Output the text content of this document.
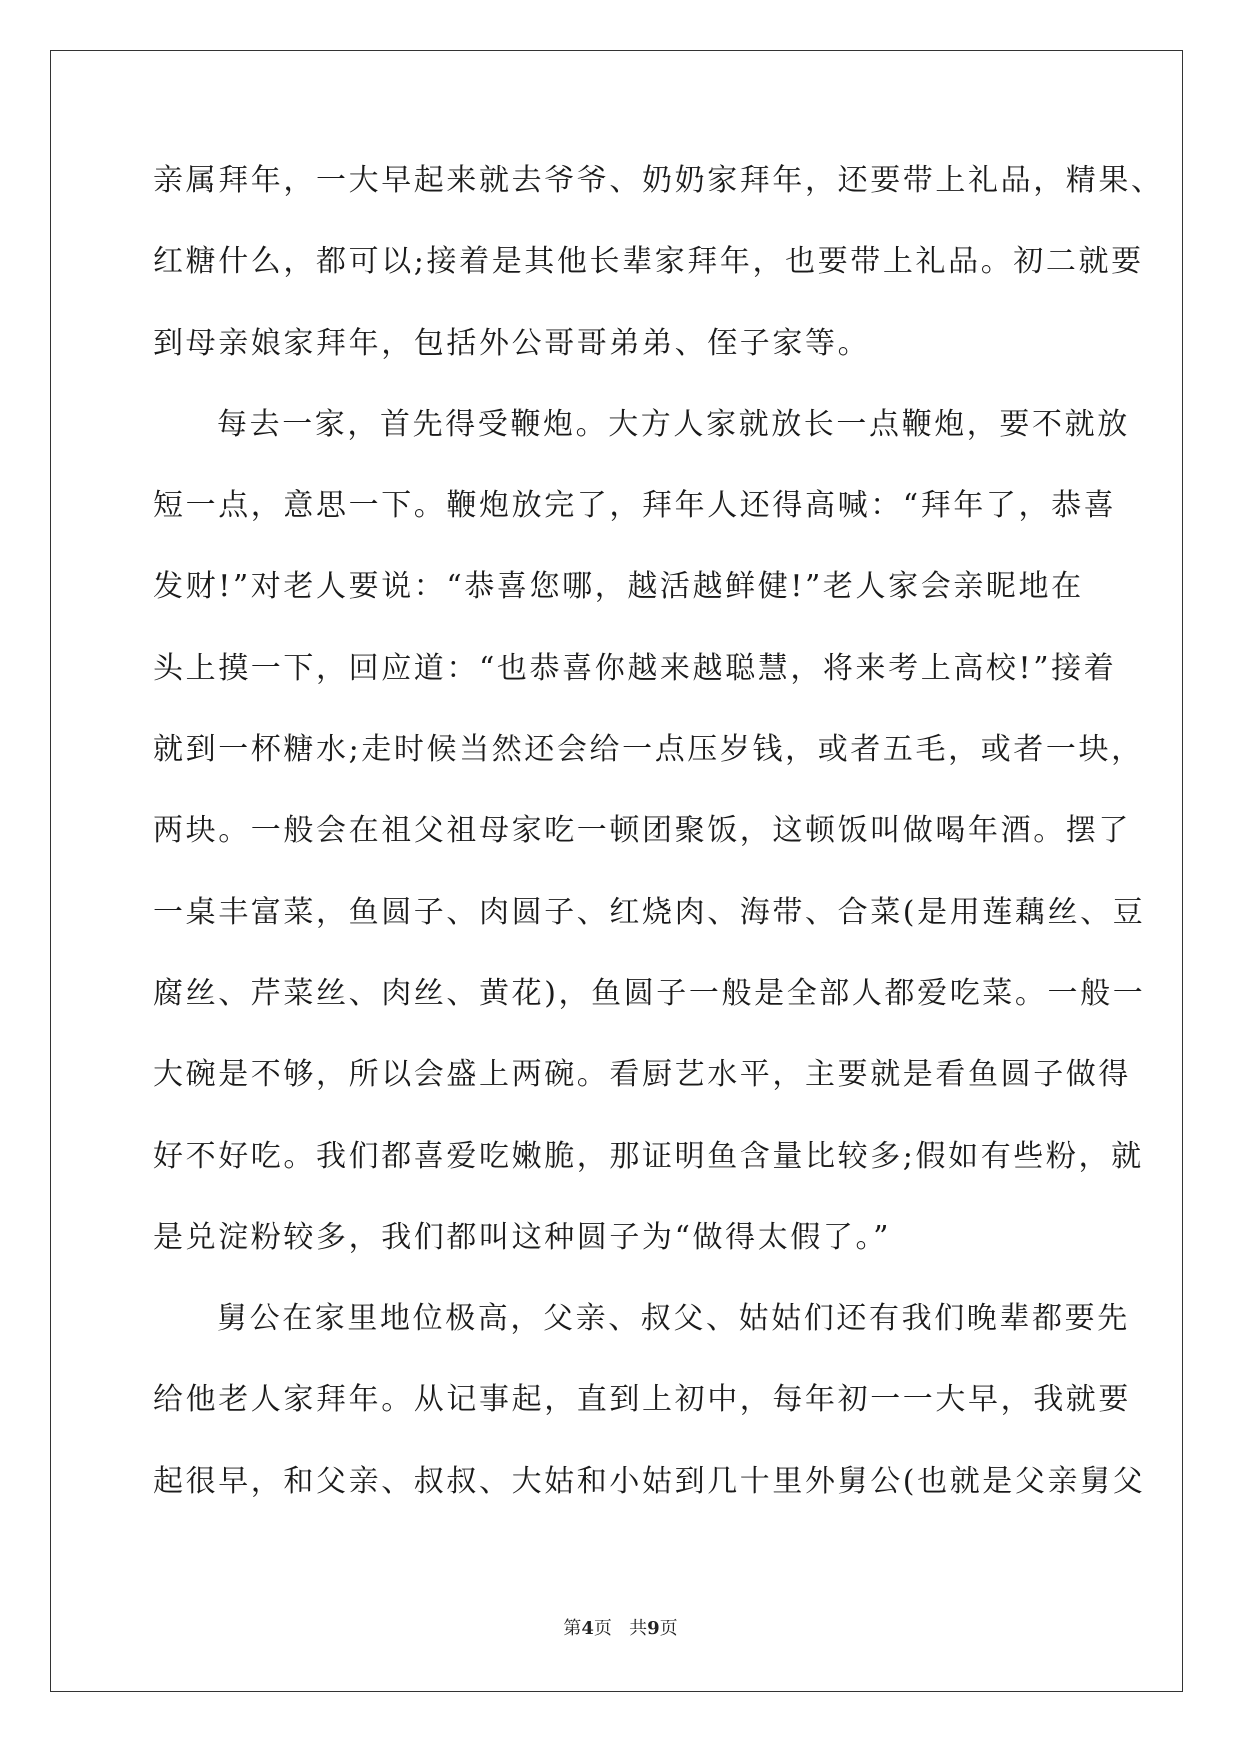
亲属拜年，一大早起来就去爷爷、奶奶家拜年，还要带上礼品，精果、
红糖什么，都可以;接着是其他长辈家拜年，也要带上礼品。初二就要
到母亲娘家拜年，包括外公哥哥弟弟、侄子家等。
每去一家，首先得受鞭炮。大方人家就放长一点鞭炮，要不就放
短一点，意思一下。鞭炮放完了，拜年人还得高喊：“拜年了，恭喜
发财!”对老人要说：“恭喜您哪，越活越鲜健!”老人家会亲昵地在
头上摸一下，回应道：“也恭喜你越来越聪慧，将来考上高校!”接着
就到一杯糖水;走时候当然还会给一点压岁钱，或者五毛，或者一块，
两块。一般会在祖父祖母家吃一顿团聚饭，这顿饭叫做喝年酒。摆了
一桌丰富菜，鱼圆子、肉圆子、红烧肉、海带、合菜(是用莲藕丝、豆
腐丝、芹菜丝、肉丝、黄花)，鱼圆子一般是全部人都爱吃菜。一般一
大碗是不够，所以会盛上两碗。看厨艺水平，主要就是看鱼圆子做得
好不好吃。我们都喜爱吃嫩脆，那证明鱼含量比较多;假如有些粉，就
是兑淀粉较多，我们都叫这种圆子为“做得太假了。”
舅公在家里地位极高，父亲、叔父、姑姑们还有我们晚辈都要先
给他老人家拜年。从记事起，直到上初中，每年初一一大早，我就要
起很早，和父亲、叔叔、大姑和小姑到几十里外舅公(也就是父亲舅父
第4页 共9页
